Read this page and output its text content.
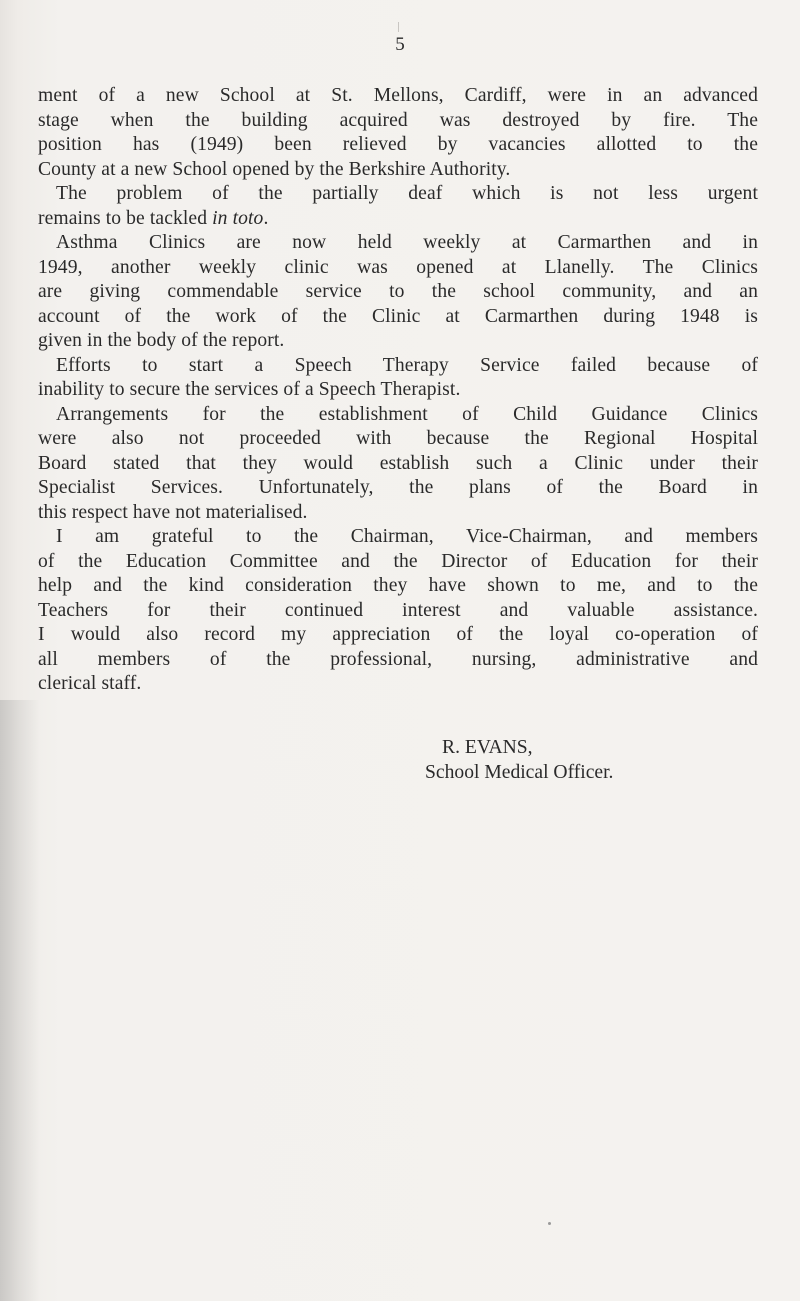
5

ment of a new School at St. Mellons, Cardiff, were in an advanced
stage when the building acquired was destroyed by fire. The
position has (1949) been relieved by vacancies allotted to the
County at a new School opened by the Berkshire Authority.

The problem of the partially deaf which is not less urgent
remains to be tackled in toto.

Asthma Clinics are now held weekly at Carmarthen and in
1949, another weekly clinic was opened at Llanelly. The Clinics
are giving commendable service to the school community, and an
account of the work of the Clinic at Carmarthen during 1948 is
given in the body of the report.

Efforts to start a Speech Therapy Service failed because of
inability to secure the services of a Speech Therapist.

Arrangements for the establishment of Child Guidance Clinics
were also not proceeded with because the Regional Hospital
Board stated that they would establish such a Clinic under their
Specialist Services. Unfortunately, the plans of the Board in
this respect have not materialised.

I am grateful to the Chairman, Vice-Chairman, and members
of the Education Committee and the Director of Education for their
help and the kind consideration they have shown to me, and to the
Teachers for their continued interest and valuable assistance.
I would also record my appreciation of the loyal co-operation of
all members of the professional, nursing, administrative and
clerical staff.

R. EVANS,
School Medical Officer.
